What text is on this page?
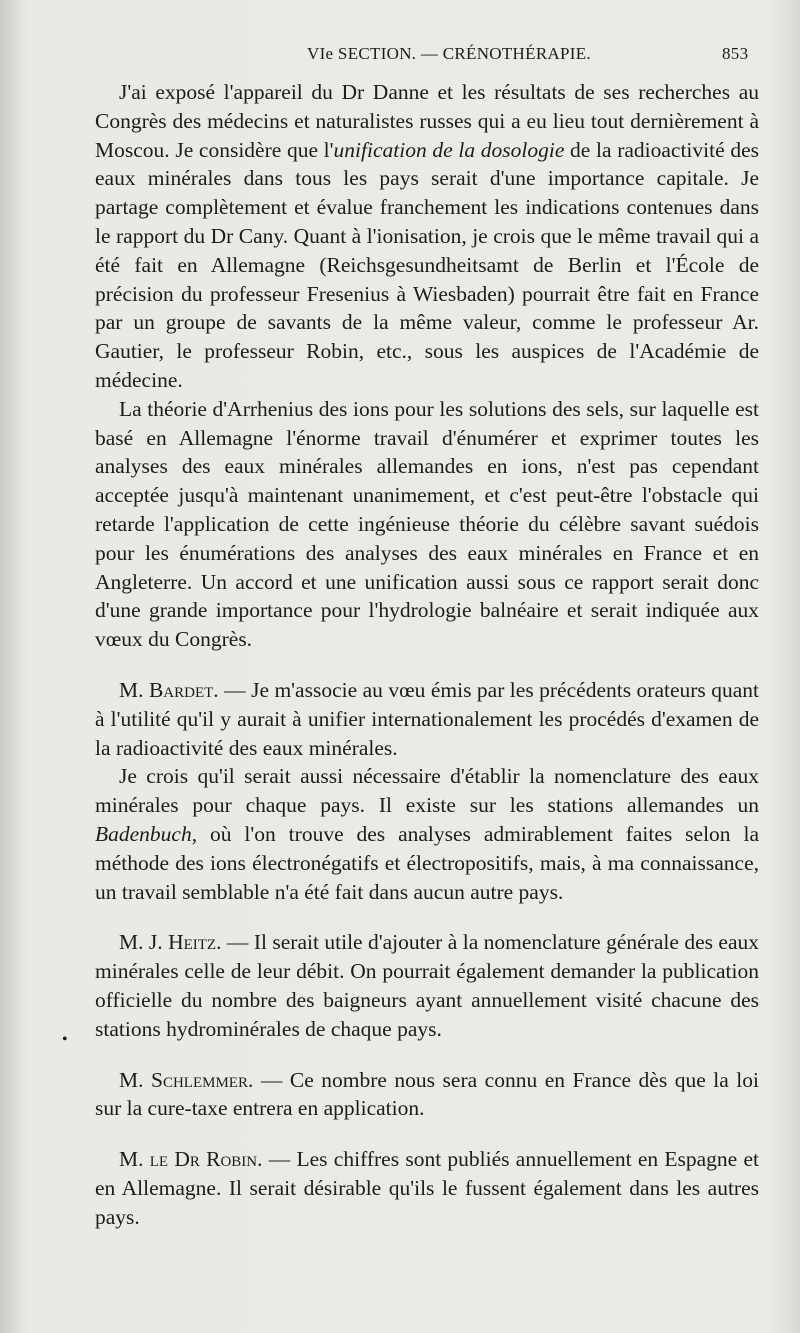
VIe SECTION. — CRÉNOTHÉRAPIE.	853
•

J'ai exposé l'appareil du Dr Danne et les résultats de ses recherches au Congrès des médecins et naturalistes russes qui a eu lieu tout dernièrement à Moscou. Je considère que l'unification de la dosologie de la radioactivité des eaux minérales dans tous les pays serait d'une importance capitale. Je partage complètement et évalue franchement les indications contenues dans le rapport du Dr Cany. Quant à l'ionisation, je crois que le même travail qui a été fait en Allemagne (Reichsgesundheitsamt de Berlin et l'École de précision du professeur Fresenius à Wiesbaden) pourrait être fait en France par un groupe de savants de la même valeur, comme le professeur Ar. Gautier, le professeur Robin, etc., sous les auspices de l'Académie de médecine.

La théorie d'Arrhenius des ions pour les solutions des sels, sur laquelle est basé en Allemagne l'énorme travail d'énumérer et exprimer toutes les analyses des eaux minérales allemandes en ions, n'est pas cependant acceptée jusqu'à maintenant unanimement, et c'est peut-être l'obstacle qui retarde l'application de cette ingénieuse théorie du célèbre savant suédois pour les énumérations des analyses des eaux minérales en France et en Angleterre. Un accord et une unification aussi sous ce rapport serait donc d'une grande importance pour l'hydrologie balnéaire et serait indiquée aux vœux du Congrès.

M. Bardet. — Je m'associe au vœu émis par les précédents orateurs quant à l'utilité qu'il y aurait à unifier internationalement les procédés d'examen de la radioactivité des eaux minérales.

Je crois qu'il serait aussi nécessaire d'établir la nomenclature des eaux minérales pour chaque pays. Il existe sur les stations allemandes un Badenbuch, où l'on trouve des analyses admirablement faites selon la méthode des ions électronégatifs et électropositifs, mais, à ma connaissance, un travail semblable n'a été fait dans aucun autre pays.

M. J. Heitz. — Il serait utile d'ajouter à la nomenclature générale des eaux minérales celle de leur débit. On pourrait également demander la publication officielle du nombre des baigneurs ayant annuellement visité chacune des stations hydrominérales de chaque pays.

M. Schlemmer. — Ce nombre nous sera connu en France dès que la loi sur la cure-taxe entrera en application.

M. le Dr Robin. — Les chiffres sont publiés annuellement en Espagne et en Allemagne. Il serait désirable qu'ils le fussent également dans les autres pays.
